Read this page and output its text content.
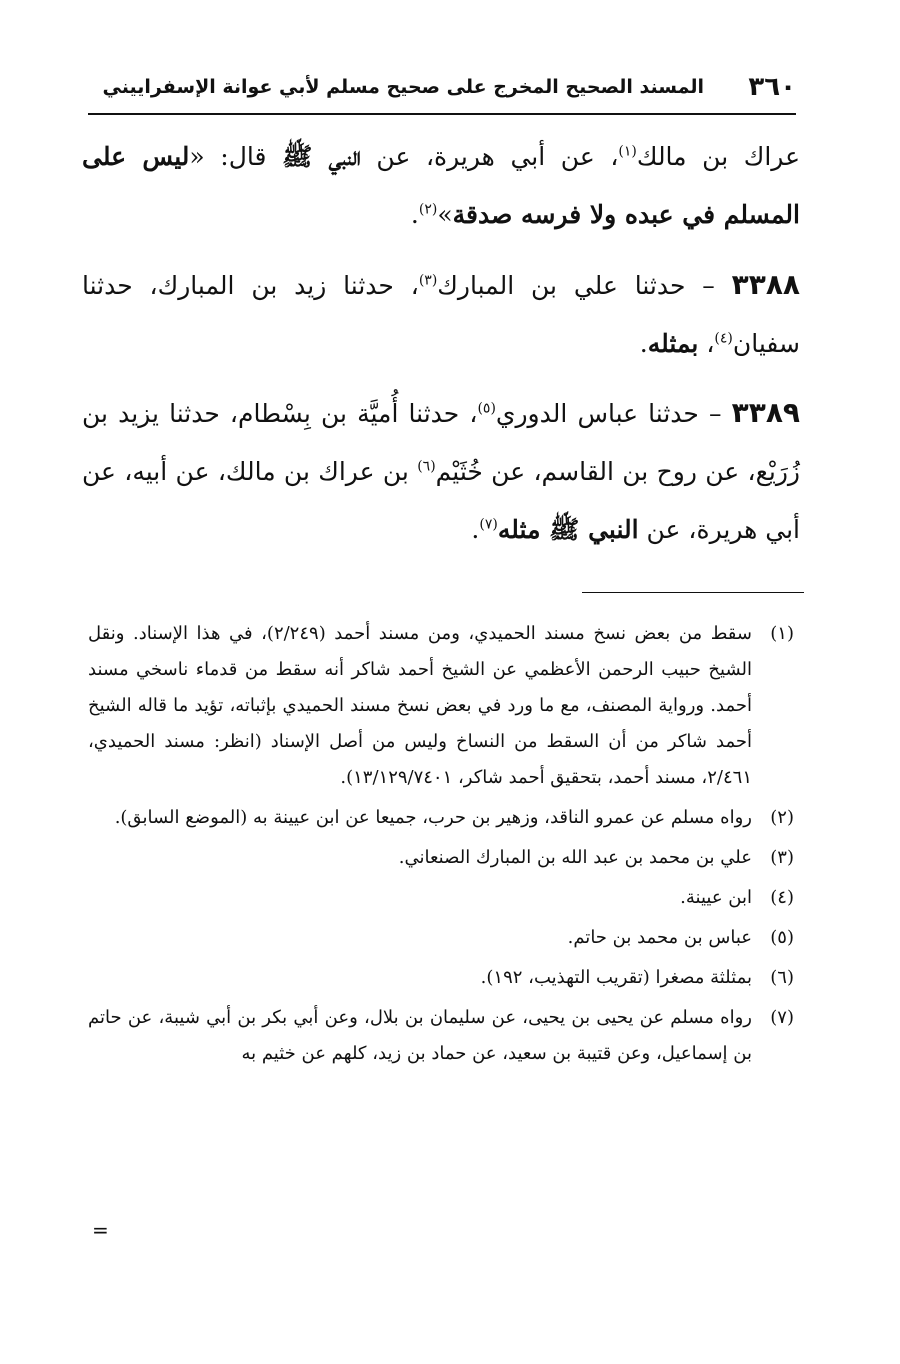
٣٦٠
المسند الصحيح المخرج على صحيح مسلم لأبي عوانة الإسفراييني

عراك بن مالك$^{(١)}$، عن أبي هريرة، عن النبي ﷺ قال: «ليس على المسلم في عبده ولا فرسه صدقة»$^{(٢)}$.

٣٣٨٨ – حدثنا علي بن المبارك$^{(٣)}$، حدثنا زيد بن المبارك، حدثنا سفيان$^{(٤)}$، بمثله.

٣٣٨٩ – حدثنا عباس الدوري$^{(٥)}$، حدثنا أُميَّة بن بِسْطام، حدثنا يزيد بن زُرَيْع، عن روح بن القاسم، عن خُثَيْم$^{(٦)}$ بن عراك بن مالك، عن أبيه، عن أبي هريرة، عن النبي ﷺ مثله$^{(٧)}$.

(١)
سقط من بعض نسخ مسند الحميدي، ومن مسند أحمد (٢/٢٤٩)، في هذا الإسناد. ونقل الشيخ حبيب الرحمن الأعظمي عن الشيخ أحمد شاكر أنه سقط من قدماء ناسخي مسند أحمد. ورواية المصنف، مع ما ورد في بعض نسخ مسند الحميدي بإثباته، تؤيد ما قاله الشيخ أحمد شاكر من أن السقط من النساخ وليس من أصل الإسناد (انظر: مسند الحميدي، ٢/٤٦١، مسند أحمد، بتحقيق أحمد شاكر، ١٣/١٢٩/٧٤٠١).

(٢)
رواه مسلم عن عمرو الناقد، وزهير بن حرب، جميعا عن ابن عيينة به (الموضع السابق).

(٣)
علي بن محمد بن عبد الله بن المبارك الصنعاني.

(٤)
ابن عيينة.

(٥)
عباس بن محمد بن حاتم.

(٦)
بمثلثة مصغرا (تقريب التهذيب، ١٩٢).

(٧)
رواه مسلم عن يحيى بن يحيى، عن سليمان بن بلال، وعن أبي بكر بن أبي شيبة، عن حاتم بن إسماعيل، وعن قتيبة بن سعيد، عن حماد بن زيد، كلهم عن خثيم به

=
